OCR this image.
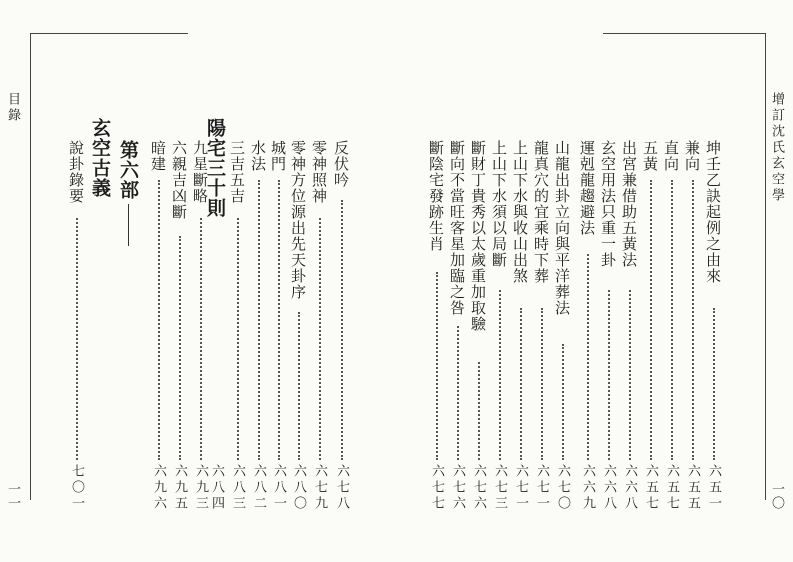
目錄
一一
反伏吟
六七八
零神照神
六七九
零神方位源出先天卦序
六八〇
城門
六八一
水法
六八二
三吉五吉
六八三
陽宅三十則
九星斷略
六九三
六親吉凶斷
六九五
暗建
六九六
第六部
玄空古義
說卦錄要
七〇一	六八四
增訂沈氏玄空學
一〇
坤壬乙訣起例之由來
六五一
兼向
六五五
直向
六五七
五黃
六五七
出宮兼借助五黃法
六六八
玄空用法只重一卦
六六八
運剋龍趨避法
六六九
山龍出卦立向與平洋葬法
六七〇
龍真穴的宜乘時下葬
六七一
上山下水與收山出煞
六七一
上山下水須以局斷
六七三
斷財丁貴秀以太歲重加取驗
六七六
斷向不當旺客星加臨之咎
六七六
斷陰宅發跡生肖
六七七
